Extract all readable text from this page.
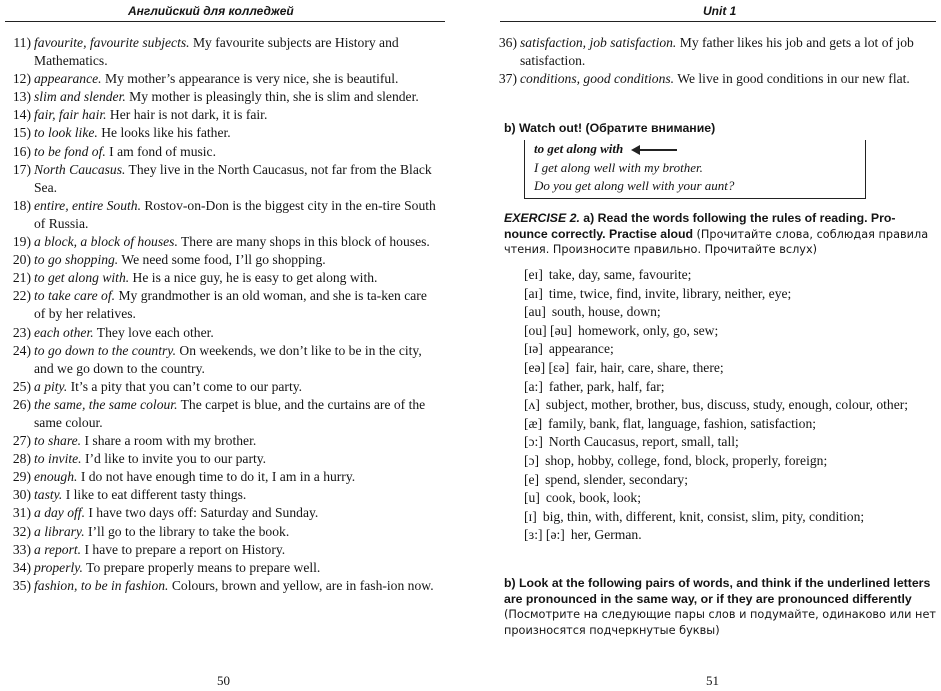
Английский для колледжей
11) favourite, favourite subjects. My favourite subjects are History and Mathematics.
12) appearance. My mother’s appearance is very nice, she is beautiful.
13) slim and slender. My mother is pleasingly thin, she is slim and slender.
14) fair, fair hair. Her hair is not dark, it is fair.
15) to look like. He looks like his father.
16) to be fond of. I am fond of music.
17) North Caucasus. They live in the North Caucasus, not far from the Black Sea.
18) entire, entire South. Rostov-on-Don is the biggest city in the en-tire South of Russia.
19) a block, a block of houses. There are many shops in this block of houses.
20) to go shopping. We need some food, I’ll go shopping.
21) to get along with. He is a nice guy, he is easy to get along with.
22) to take care of. My grandmother is an old woman, and she is ta-ken care of by her relatives.
23) each other. They love each other.
24) to go down to the country. On weekends, we don’t like to be in the city, and we go down to the country.
25) a pity. It’s a pity that you can’t come to our party.
26) the same, the same colour. The carpet is blue, and the curtains are of the same colour.
27) to share. I share a room with my brother.
28) to invite. I’d like to invite you to our party.
29) enough. I do not have enough time to do it, I am in a hurry.
30) tasty. I like to eat different tasty things.
31) a day off. I have two days off: Saturday and Sunday.
32) a library. I’ll go to the library to take the book.
33) a report. I have to prepare a report on History.
34) properly. To prepare properly means to prepare well.
35) fashion, to be in fashion. Colours, brown and yellow, are in fash-ion now.
50
Unit 1
36) satisfaction, job satisfaction. My father likes his job and gets a lot of job satisfaction.
37) conditions, good conditions. We live in good conditions in our new flat.
b) Watch out! (Обратите внимание)
to get along with
I get along well with my brother.
Do you get along well with your aunt?
EXERCISE 2. a) Read the words following the rules of reading. Pro-nounce correctly. Practise aloud (Прочитайте слова, соблюдая правила чтения. Произносите правильно. Прочитайте вслух)
[eɪ] take, day, same, favourite;
[aɪ] time, twice, find, invite, library, neither, eye;
[au] south, house, down;
[ou] [əu] homework, only, go, sew;
[ɪə] appearance;
[eə] [ɛə] fair, hair, care, share, there;
[a:] father, park, half, far;
[ʌ] subject, mother, brother, bus, discuss, study, enough, colour, other;
[æ] family, bank, flat, language, fashion, satisfaction;
[ɔ:] North Caucasus, report, small, tall;
[ɔ] shop, hobby, college, fond, block, properly, foreign;
[e] spend, slender, secondary;
[u] cook, book, look;
[ɪ] big, thin, with, different, knit, consist, slim, pity, condition;
[ɜ:] [ə:] her, German.
b) Look at the following pairs of words, and think if the underlined letters are pronounced in the same way, or if they are pronounced differently (Посмотрите на следующие пары слов и подумайте, одинаково или нет произносятся подчеркнутые буквы)
51
